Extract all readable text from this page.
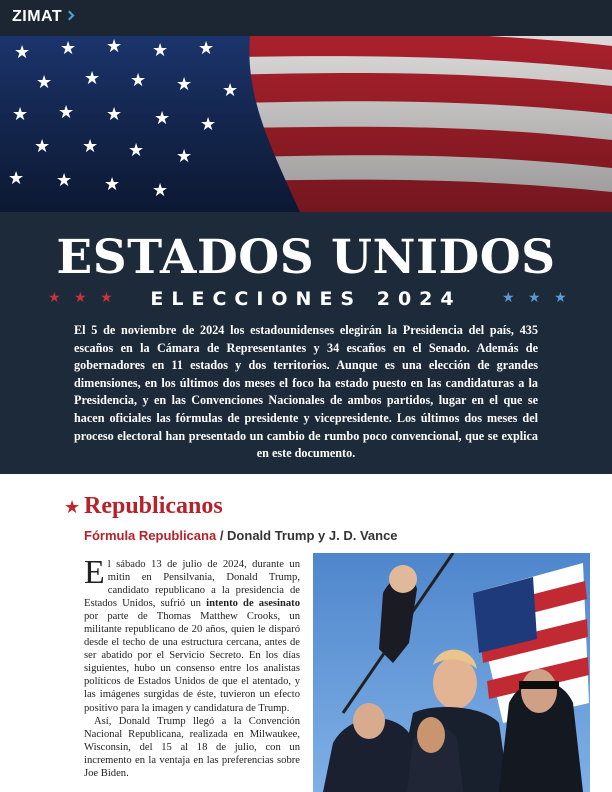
ZIMAT
★ ★ ★ ★ ★
★ ★ ★ ★ ★
★ ★ ★ ★ ★
★ ★ ★ ★
★ ★ ★ ★
ESTADOS UNIDOS
ELECCIONES 2024
★ ★ ★	★ ★ ★

El 5 de noviembre de 2024 los estadounidenses elegirán la Presidencia del país, 435 escaños en la Cámara de Representantes y 34 escaños en el Senado. Además de gobernadores en 11 estados y dos territorios. Aunque es una elección de grandes dimensiones, en los últimos dos meses el foco ha estado puesto en las candidaturas a la Presidencia, y en las Convenciones Nacionales de ambos partidos, lugar en el que se hacen oficiales las fórmulas de presidente y vicepresidente. Los últimos dos meses del proceso electoral han presentado un cambio de rumbo poco convencional, que se explica en este documento.

★ Republicanos
Fórmula Republicana / Donald Trump y J. D. Vance

El sábado 13 de julio de 2024, durante un mitin en Pensilvania, Donald Trump, candidato republicano a la presidencia de Estados Unidos, sufrió un intento de asesinato por parte de Thomas Matthew Crooks, un militante republicano de 20 años, quien le disparó desde el techo de una estructura cercana, antes de ser abatido por el Servicio Secreto. En los días siguientes, hubo un consenso entre los analistas políticos de Estados Unidos de que el atentado, y las imágenes surgidas de éste, tuvieron un efecto positivo para la imagen y candidatura de Trump.

Así, Donald Trump llegó a la Convención Nacional Republicana, realizada en Milwaukee, Wisconsin, del 15 al 18 de julio, con un incremento en la ventaja en las preferencias sobre Joe Biden.
